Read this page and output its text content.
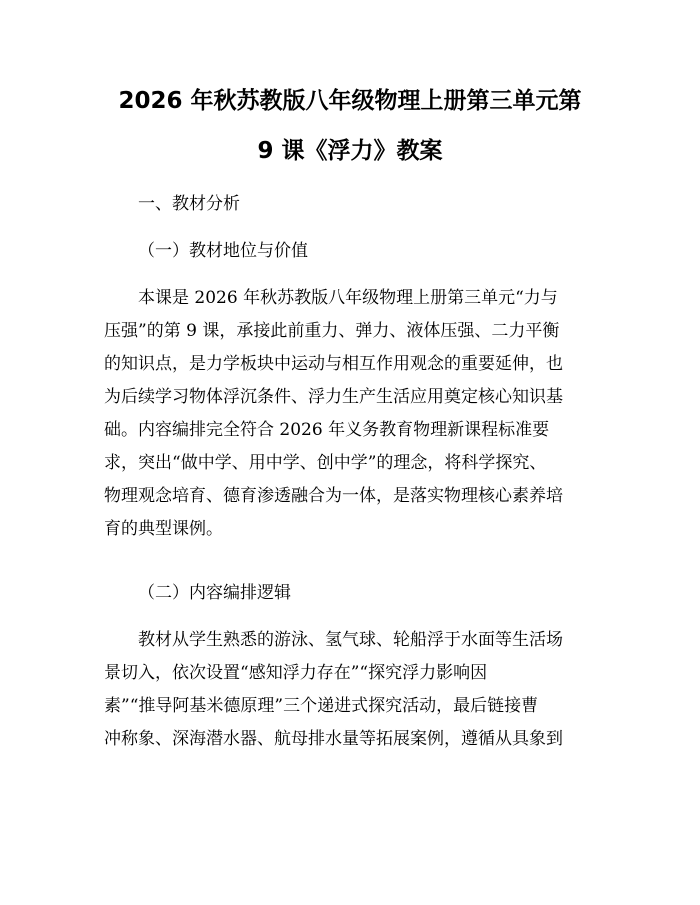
2026 年秋苏教版八年级物理上册第三单元第
9 课《浮力》教案
一、教材分析
（一）教材地位与价值
本课是 2026 年秋苏教版八年级物理上册第三单元“力与
压强”的第 9 课，承接此前重力、弹力、液体压强、二力平衡
的知识点，是力学板块中运动与相互作用观念的重要延伸，也
为后续学习物体浮沉条件、浮力生产生活应用奠定核心知识基
础。内容编排完全符合 2026 年义务教育物理新课程标准要
求，突出“做中学、用中学、创中学”的理念，将科学探究、
物理观念培育、德育渗透融合为一体，是落实物理核心素养培
育的典型课例。
（二）内容编排逻辑
教材从学生熟悉的游泳、氢气球、轮船浮于水面等生活场
景切入，依次设置“感知浮力存在”“探究浮力影响因
素”“推导阿基米德原理”三个递进式探究活动，最后链接曹
冲称象、深海潜水器、航母排水量等拓展案例，遵循从具象到
